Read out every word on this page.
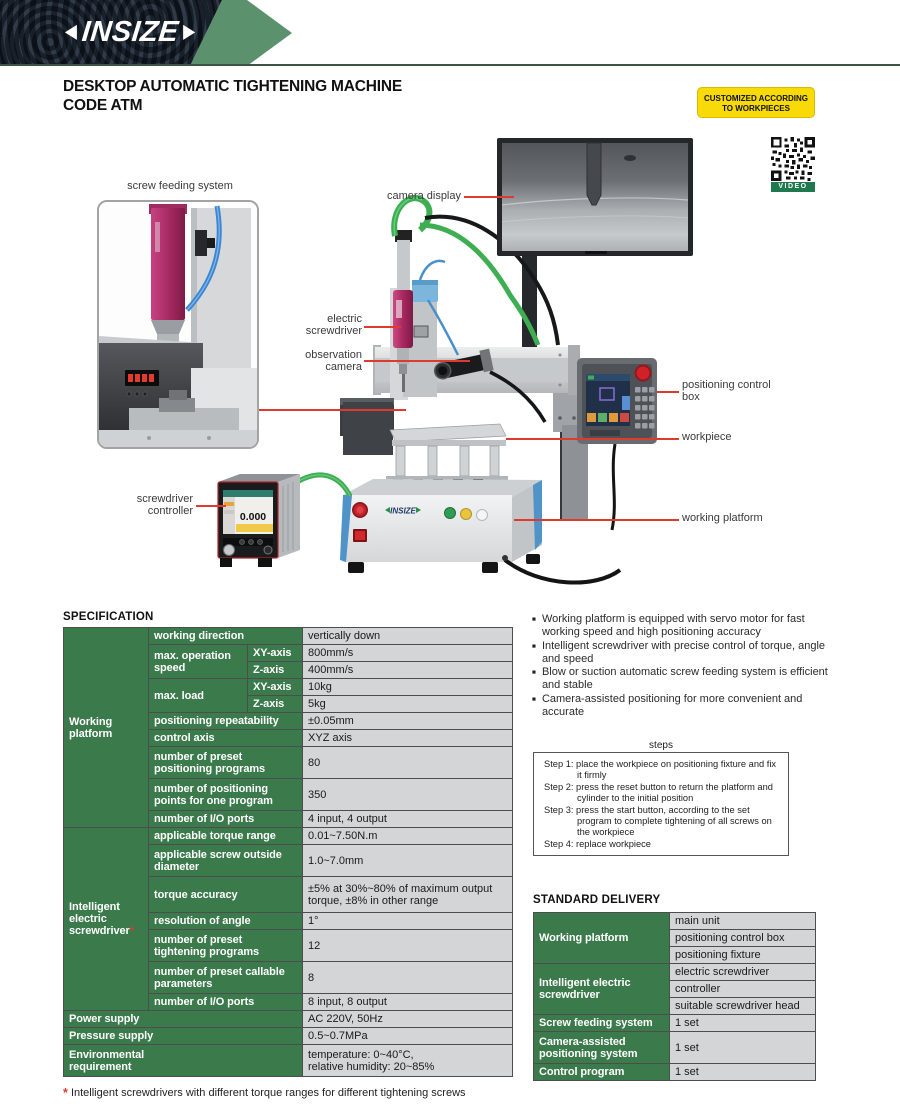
◄ INSIZE ►
DESKTOP AUTOMATIC TIGHTENING MACHINE
CODE ATM	CUSTOMIZED ACCORDING
TO WORKPIECES
VIDEO
INSIZE
0.000
screw feeding system
camera display
electric screwdriver
observation camera
positioning control box
workpiece
working platform
screwdriver controller
SPECIFICATION
Working platform	working direction		vertically down
	max. operation speed	XY-axis	800mm/s
		Z-axis	400mm/s
	max. load	XY-axis	10kg
		Z-axis	5kg
	positioning repeatability		±0.05mm
	control axis		XYZ axis
	number of preset positioning programs		80
	number of positioning points for one program		350
	number of I/O ports		4 input, 4 output
Intelligent electric screwdriver*	applicable torque range		0.01~7.50N.m
	applicable screw outside diameter		1.0~7.0mm
	torque accuracy		±5% at 30%~80% of maximum output torque, ±8% in other range
	resolution of angle		1°
	number of preset tightening programs		12
	number of preset callable parameters		8
	number of I/O ports		8 input, 8 output
Power supply			AC 220V, 50Hz
Pressure supply			0.5~0.7MPa
Environmental
requirement			temperature: 0~40°C,
relative humidity: 20~85%
■ Working platform is equipped with servo motor for fast working speed and high positioning accuracy
■ Intelligent screwdriver with precise control of torque, angle and speed
■ Blow or suction automatic screw feeding system is efficient and stable
■ Camera-assisted positioning for more convenient and accurate
steps
Step 1: place the workpiece on positioning fixture and fix it firmly
Step 2: press the reset button to return the platform and cylinder to the initial position
Step 3: press the start button, according to the set program to complete tightening of all screws on the workpiece
Step 4: replace workpiece
STANDARD DELIVERY
Working platform	main unit
	positioning control box
	positioning fixture
Intelligent electric screwdriver	electric screwdriver
	controller
	suitable screwdriver head
Screw feeding system	1 set
Camera-assisted positioning system	1 set
Control program	1 set
* Intelligent screwdrivers with different torque ranges for different tightening screws
